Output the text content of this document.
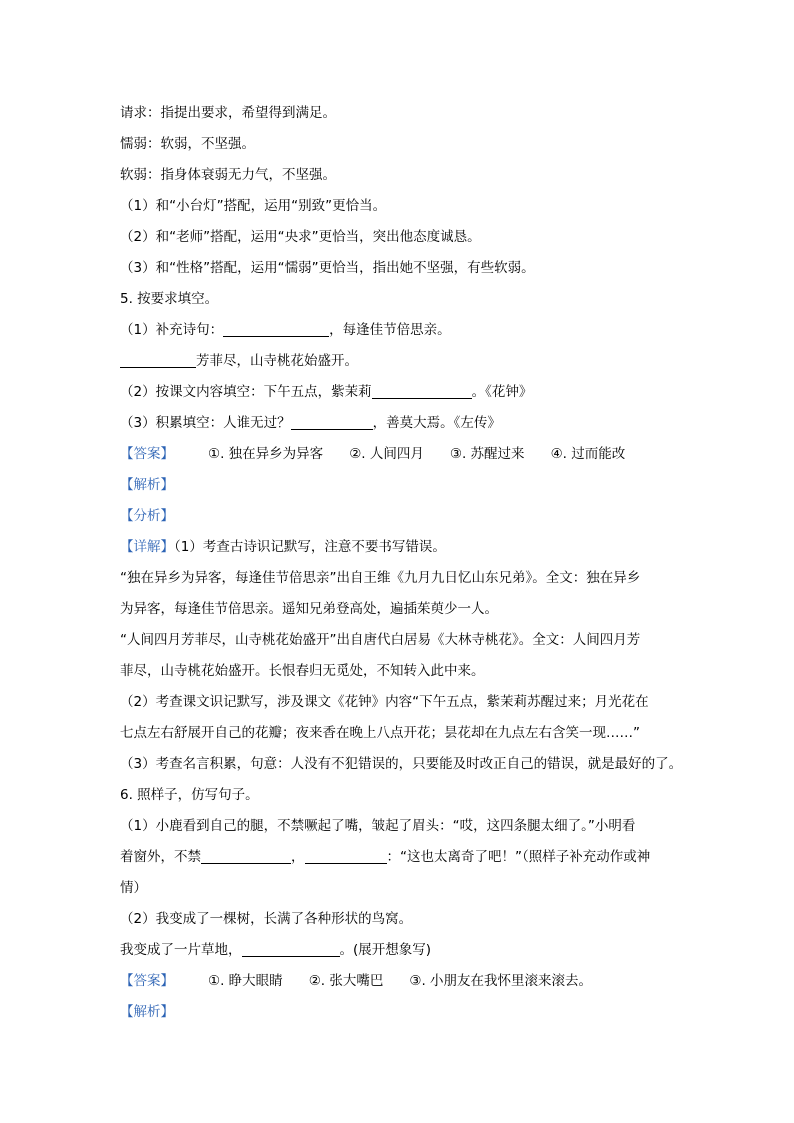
请求：指提出要求，希望得到满足。
懦弱：软弱，不坚强。
软弱：指身体衰弱无力气，不坚强。
（1）和“小台灯”搭配，运用“别致”更恰当。
（2）和“老师”搭配，运用“央求”更恰当，突出他态度诚恳。
（3）和“性格”搭配，运用“懦弱”更恰当，指出她不坚强，有些软弱。
5. 按要求填空。
（1）补充诗句：	，每逢佳节倍思亲。
芳菲尽，山寺桃花始盛开。
（2）按课文内容填空：下午五点，紫茉莉	。《花钟》
（3）积累填空：人谁无过？	，善莫大焉。《左传》
【答案】	①. 独在异乡为异客 ②. 人间四月 ③. 苏醒过来 ④. 过而能改
【解析】
【分析】
【详解】（1）考查古诗识记默写，注意不要书写错误。
“独在异乡为异客，每逢佳节倍思亲”出自王维《九月九日忆山东兄弟》。全文：独在异乡
为异客，每逢佳节倍思亲。遥知兄弟登高处，遍插茱萸少一人。
“人间四月芳菲尽，山寺桃花始盛开”出自唐代白居易《大林寺桃花》。全文：人间四月芳
菲尽，山寺桃花始盛开。长恨春归无觅处，不知转入此中来。
（2）考查课文识记默写，涉及课文《花钟》内容“下午五点，紫茉莉苏醒过来；月光花在
七点左右舒展开自己的花瓣；夜来香在晚上八点开花；昙花却在九点左右含笑一现……”
（3）考查名言积累，句意：人没有不犯错误的，只要能及时改正自己的错误，就是最好的了。
6. 照样子，仿写句子。
（1）小鹿看到自己的腿，不禁噘起了嘴，皱起了眉头：“哎，这四条腿太细了。”小明看
着窗外，不禁	，	：“这也太离奇了吧！”（照样子补充动作或神
情）
（2）我变成了一棵树，长满了各种形状的鸟窝。
我变成了一片草地，	。(展开想象写)
【答案】	①. 睁大眼睛 ②. 张大嘴巴 ③. 小朋友在我怀里滚来滚去。
【解析】
